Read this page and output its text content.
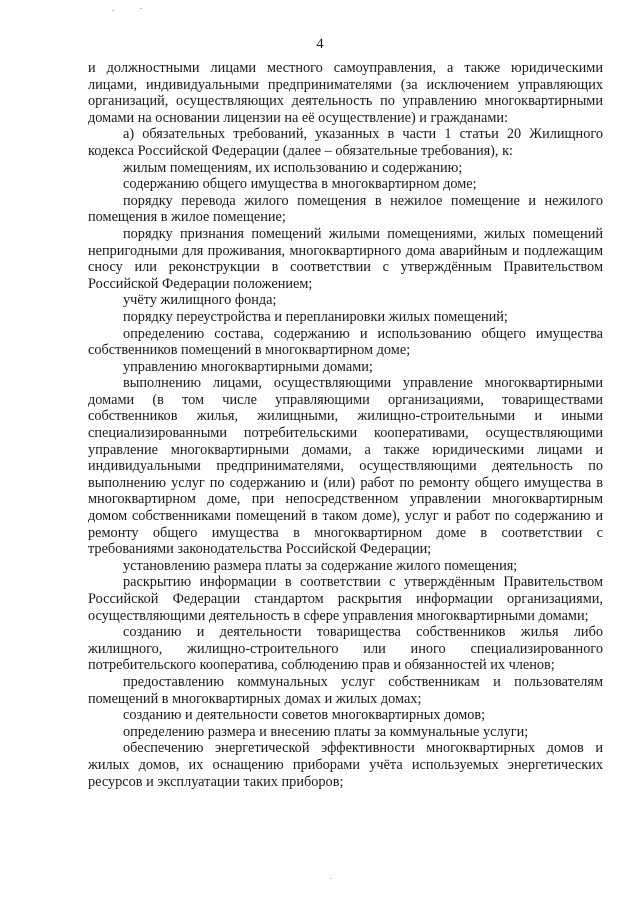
4

и должностными лицами местного самоуправления, а также юридическими лицами, индивидуальными предпринимателями (за исключением управляющих организаций, осуществляющих деятельность по управлению многоквартирными домами на основании лицензии на её осуществление) и гражданами:

а) обязательных требований, указанных в части 1 статьи 20 Жилищного кодекса Российской Федерации (далее – обязательные требования), к:

жилым помещениям, их использованию и содержанию;

содержанию общего имущества в многоквартирном доме;

порядку перевода жилого помещения в нежилое помещение и нежилого помещения в жилое помещение;

порядку признания помещений жилыми помещениями, жилых помещений непригодными для проживания, многоквартирного дома аварийным и подлежащим сносу или реконструкции в соответствии с утверждённым Правительством Российской Федерации положением;

учёту жилищного фонда;

порядку переустройства и перепланировки жилых помещений;

определению состава, содержанию и использованию общего имущества собственников помещений в многоквартирном доме;

управлению многоквартирными домами;

выполнению лицами, осуществляющими управление многоквартирными домами (в том числе управляющими организациями, товариществами собственников жилья, жилищными, жилищно-строительными и иными специализированными потребительскими кооперативами, осуществляющими управление многоквартирными домами, а также юридическими лицами и индивидуальными предпринимателями, осуществляющими деятельность по выполнению услуг по содержанию и (или) работ по ремонту общего имущества в многоквартирном доме, при непосредственном управлении многоквартирным домом собственниками помещений в таком доме), услуг и работ по содержанию и ремонту общего имущества в многоквартирном доме в соответствии с требованиями законодательства Российской Федерации;

установлению размера платы за содержание жилого помещения;

раскрытию информации в соответствии с утверждённым Правительством Российской Федерации стандартом раскрытия информации организациями, осуществляющими деятельность в сфере управления многоквартирными домами;

созданию и деятельности товарищества собственников жилья либо жилищного, жилищно-строительного или иного специализированного потребительского кооператива, соблюдению прав и обязанностей их членов;

предоставлению коммунальных услуг собственникам и пользователям помещений в многоквартирных домах и жилых домах;

созданию и деятельности советов многоквартирных домов;

определению размера и внесению платы за коммунальные услуги;

обеспечению энергетической эффективности многоквартирных домов и жилых домов, их оснащению приборами учёта используемых энергетических ресурсов и эксплуатации таких приборов;
